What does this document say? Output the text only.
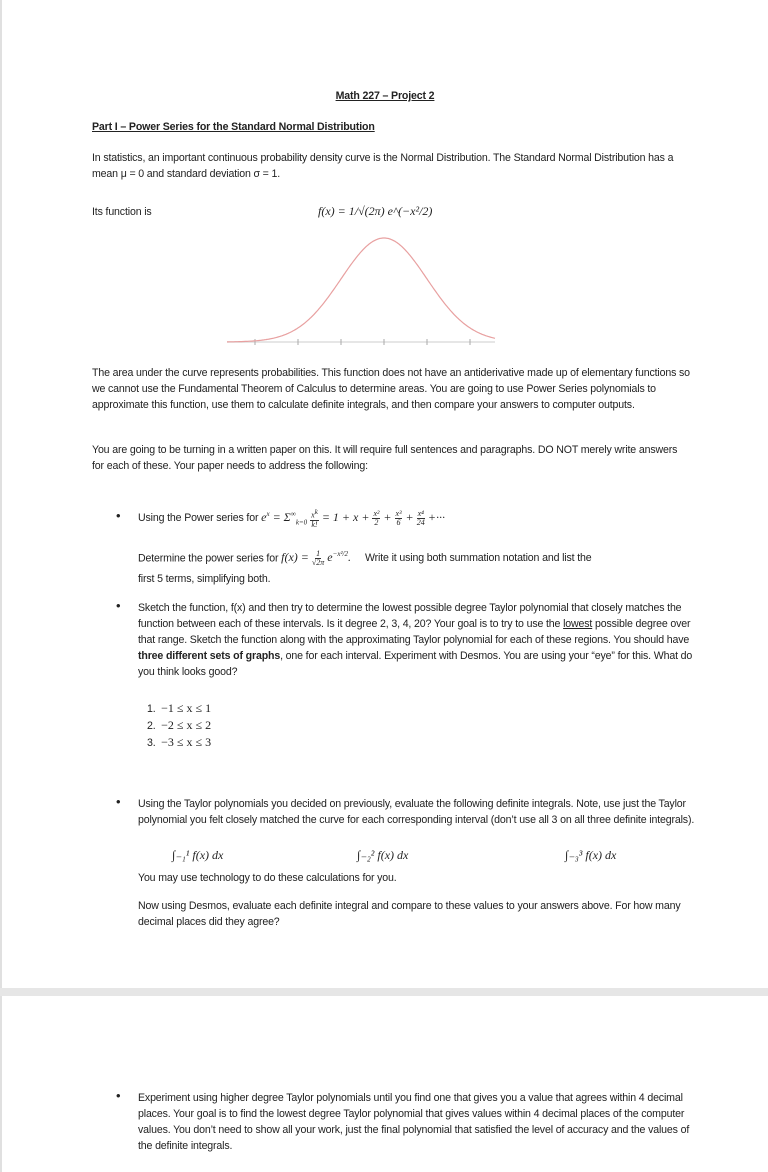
Math 227 – Project 2
Part I – Power Series for the Standard Normal Distribution
In statistics, an important continuous probability density curve is the Normal Distribution. The Standard Normal Distribution has a mean μ = 0 and standard deviation σ = 1.
Its function is	f(x) = 1/√(2π) e^(−x²/2)
The area under the curve represents probabilities. This function does not have an antiderivative made up of elementary functions so we cannot use the Fundamental Theorem of Calculus to determine areas. You are going to use Power Series polynomials to approximate this function, use them to calculate definite integrals, and then compare your answers to computer outputs.
You are going to be turning in a written paper on this. It will require full sentences and paragraphs. DO NOT merely write answers for each of these. Your paper needs to address the following:
• Using the Power series for $e^x = \Sigma^\infty_{k=0} \frac{x^k}{k!} = 1 + x + \frac{\text{x²}}{2} + \frac{\text{x³}}{6} + \frac{\text{x⁴}}{24}$ +···
Determine the power series for $f(x) = \frac{1}{√2\pi} e^{-x^2/2}$. Write it using both summation notation and list the
first 5 terms, simplifying both.
• Sketch the function, f(x) and then try to determine the lowest possible degree Taylor polynomial that closely matches the function between each of these intervals. Is it degree 2, 3, 4, 20? Your goal is to try to use the lowest possible degree over that range. Sketch the function along with the approximating Taylor polynomial for each of these regions. You should have three different sets of graphs, one for each interval. Experiment with Desmos. You are using your “eye” for this. What do you think looks good?
1.  −1 ≤ x ≤ 1
2.  −2 ≤ x ≤ 2
3.  −3 ≤ x ≤ 3
• Using the Taylor polynomials you decided on previously, evaluate the following definite integrals. Note, use just the Taylor polynomial you felt closely matched the curve for each corresponding interval (don’t use all 3 on all three definite integrals).
∫₋₁¹ f(x) dx	∫₋₂² f(x) dx	∫₋₃³ f(x) dx
You may use technology to do these calculations for you.
Now using Desmos, evaluate each definite integral and compare to these values to your answers above. For how many decimal places did they agree?
• Experiment using higher degree Taylor polynomials until you find one that gives you a value that agrees within 4 decimal places. Your goal is to find the lowest degree Taylor polynomial that gives values within 4 decimal places of the computer values. You don’t need to show all your work, just the final polynomial that satisfied the level of accuracy and the values of the definite integrals.
